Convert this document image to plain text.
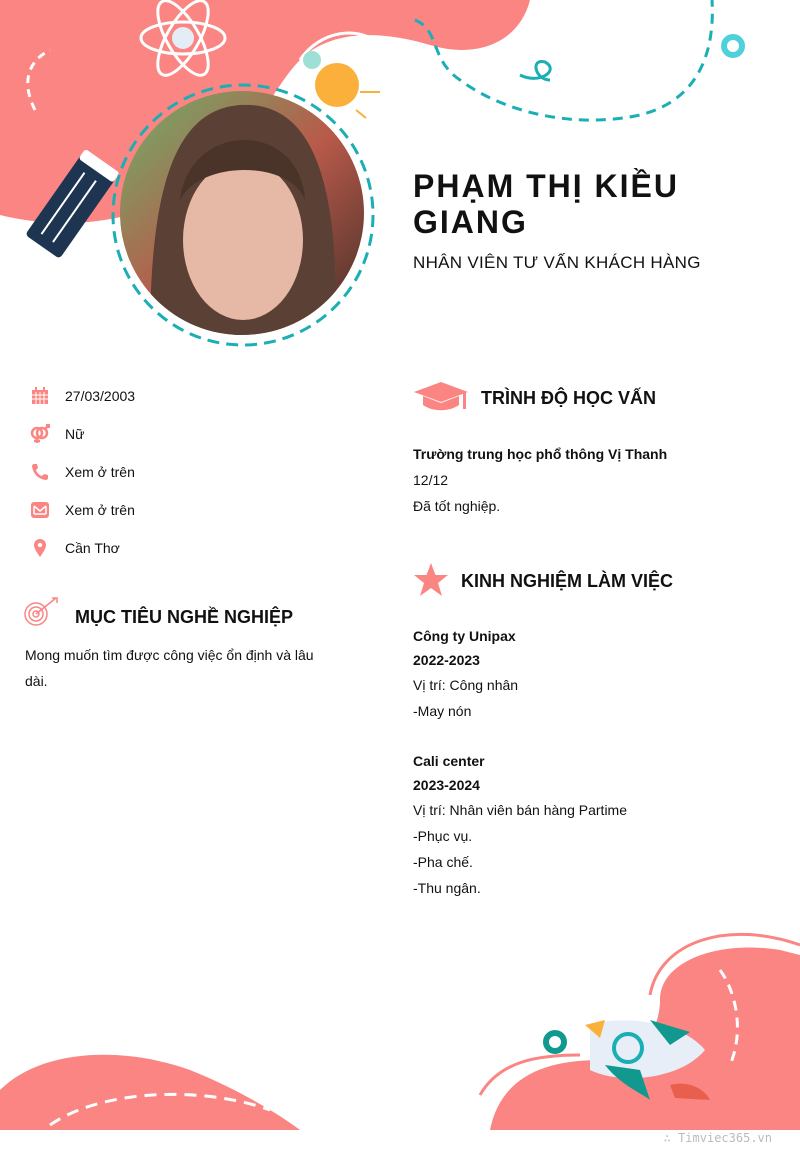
PHẠM THỊ KIỀU GIANG
NHÂN VIÊN TƯ VẤN KHÁCH HÀNG
27/03/2003
Nữ
Xem ở trên
Xem ở trên
Cần Thơ
MỤC TIÊU NGHỀ NGHIỆP
Mong muốn tìm được công việc ổn định và lâu dài.
TRÌNH ĐỘ HỌC VẤN
Trường trung học phổ thông Vị Thanh
12/12
Đã tốt nghiệp.
KINH NGHIỆM LÀM VIỆC
Công ty Unipax
2022-2023
Vị trí: Công nhân
-May nón
Cali center
2023-2024
Vị trí: Nhân viên bán hàng Partime
-Phục vụ.
-Pha chế.
-Thu ngân.
∴ Timviec365.vn
